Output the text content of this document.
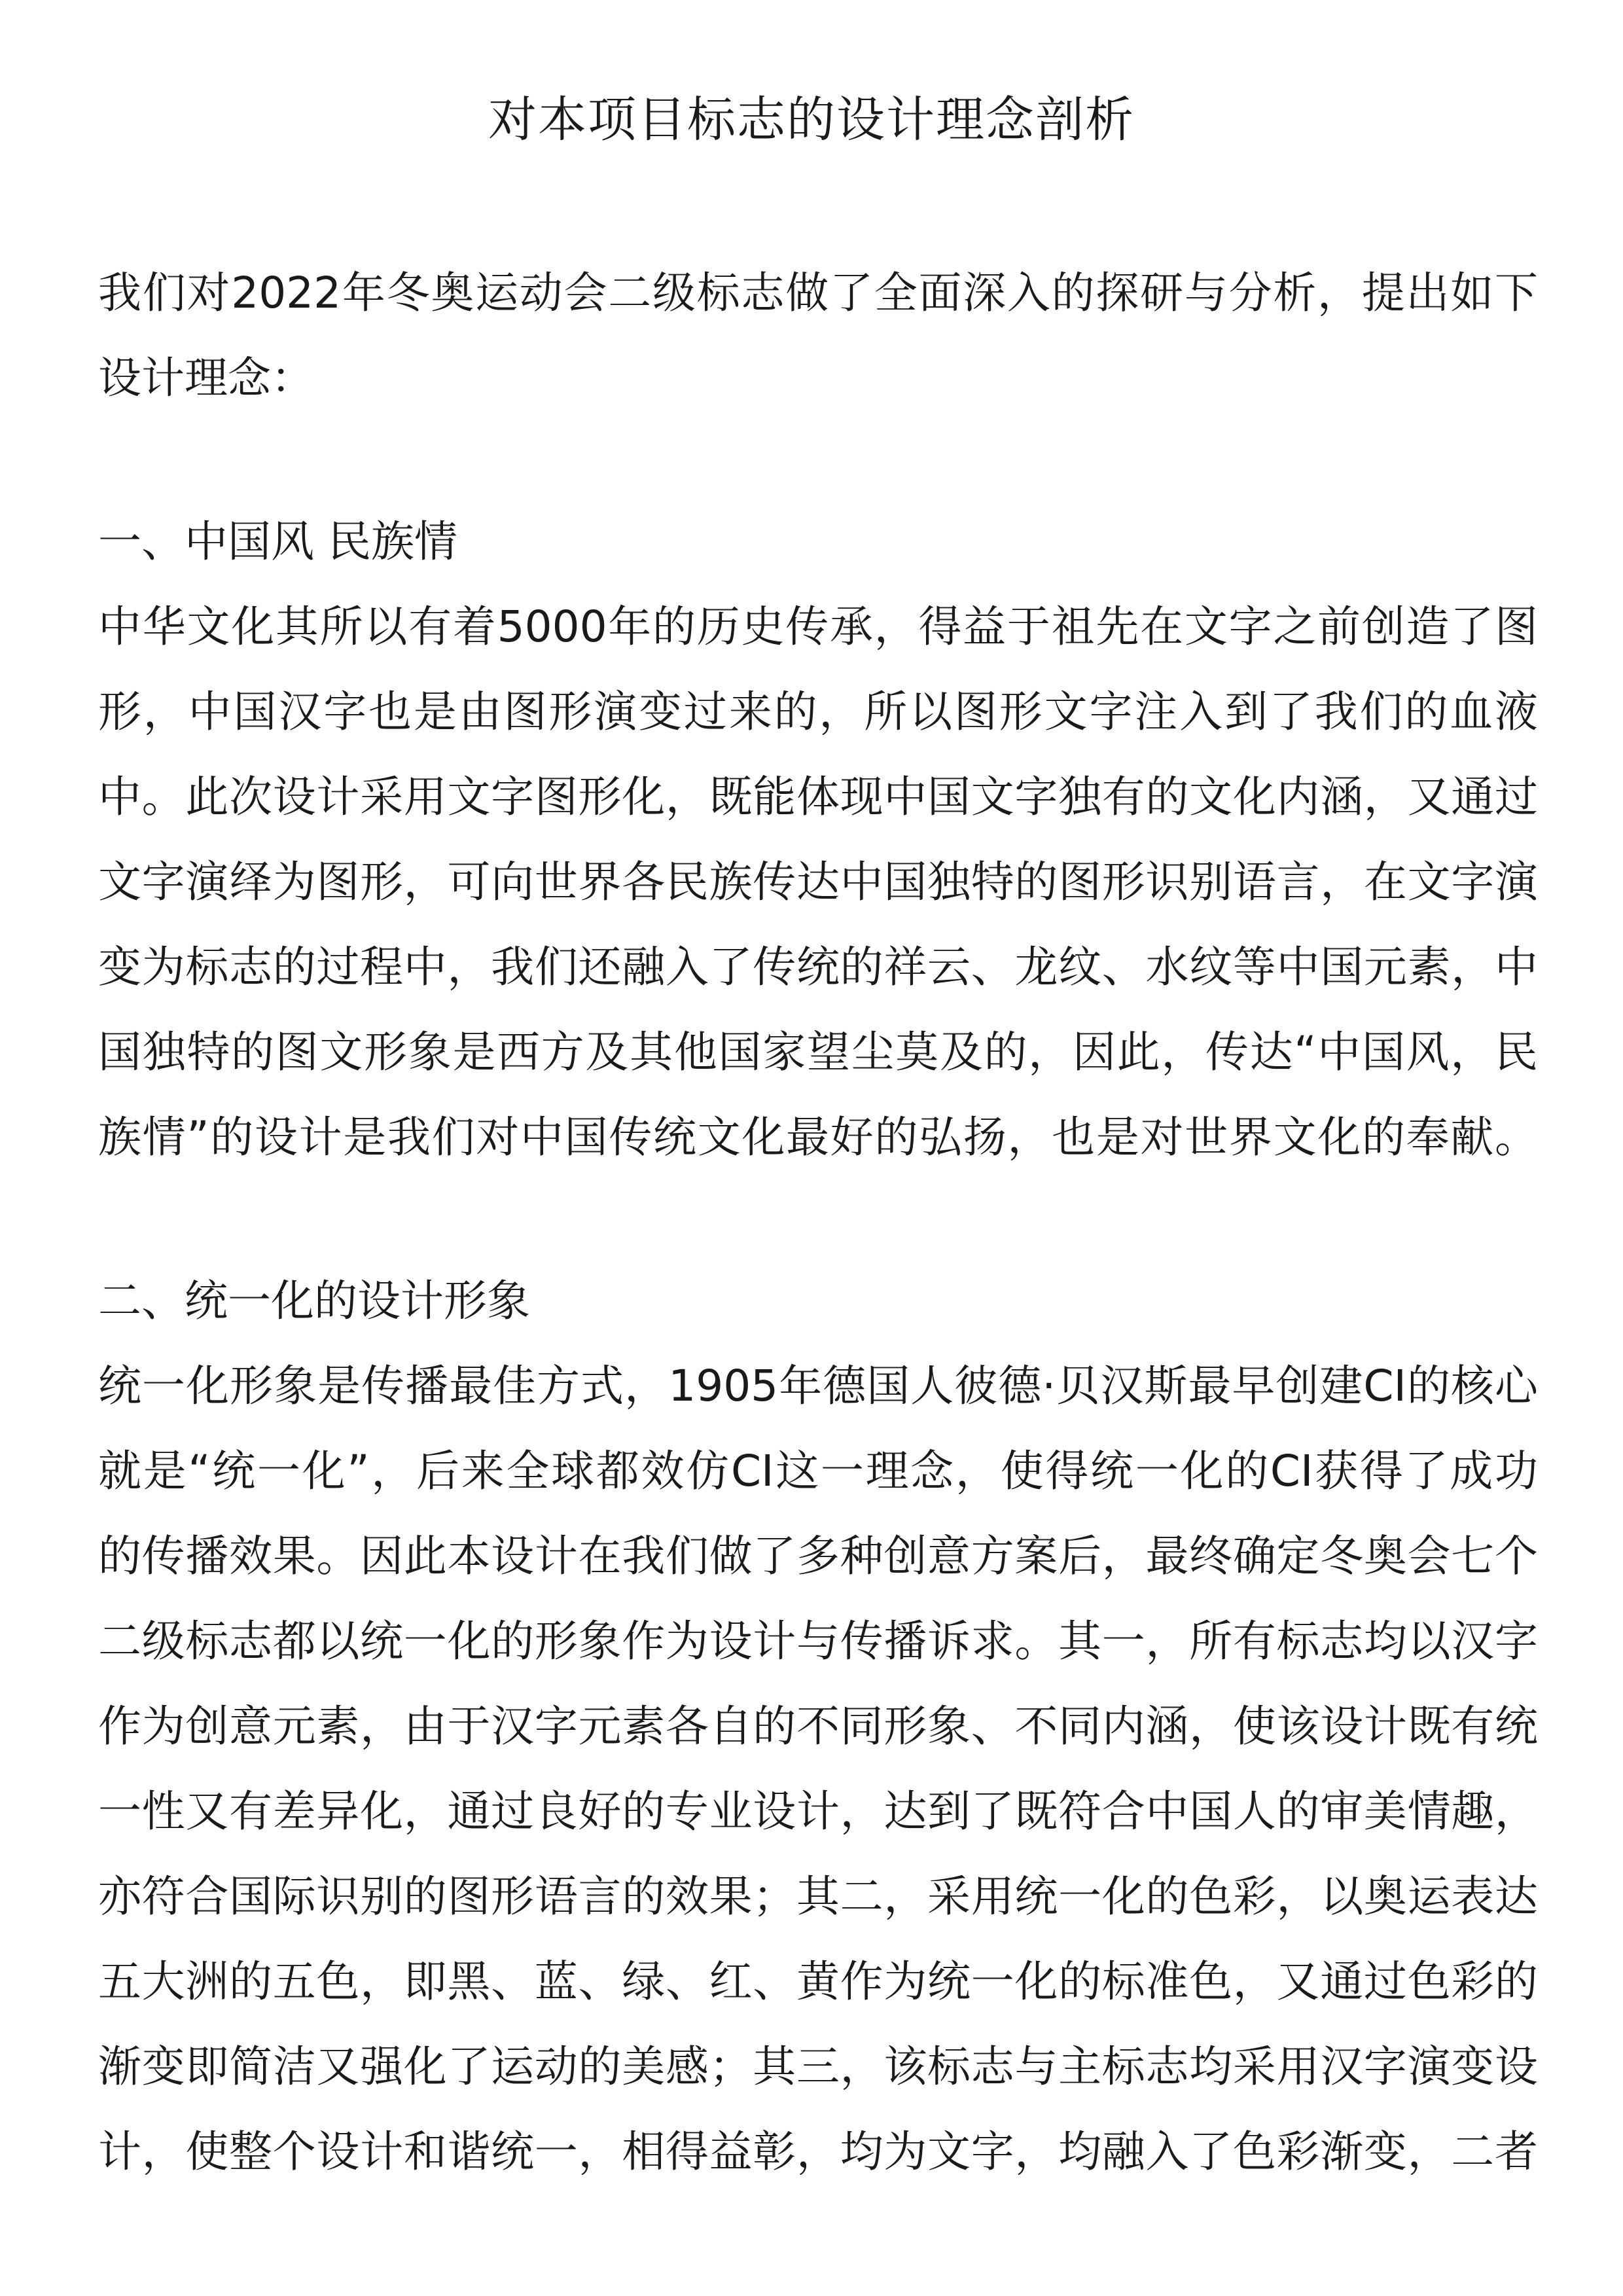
对本项目标志的设计理念剖析

我们对2022年冬奥运动会二级标志做了全面深入的探研与分析，提出如下

设计理念：

一、中国风 民族情

中华文化其所以有着5000年的历史传承，得益于祖先在文字之前创造了图

形，中国汉字也是由图形演变过来的，所以图形文字注入到了我们的血液

中。此次设计采用文字图形化，既能体现中国文字独有的文化内涵，又通过

文字演绎为图形，可向世界各民族传达中国独特的图形识别语言，在文字演

变为标志的过程中，我们还融入了传统的祥云、龙纹、水纹等中国元素，中

国独特的图文形象是西方及其他国家望尘莫及的，因此，传达“中国风，民

族情”的设计是我们对中国传统文化最好的弘扬，也是对世界文化的奉献。

二、统一化的设计形象

统一化形象是传播最佳方式，1905年德国人彼德·贝汉斯最早创建CI的核心

就是“统一化”，后来全球都效仿CI这一理念，使得统一化的CI获得了成功

的传播效果。因此本设计在我们做了多种创意方案后，最终确定冬奥会七个

二级标志都以统一化的形象作为设计与传播诉求。其一，所有标志均以汉字

作为创意元素，由于汉字元素各自的不同形象、不同内涵，使该设计既有统

一性又有差异化，通过良好的专业设计，达到了既符合中国人的审美情趣，

亦符合国际识别的图形语言的效果；其二，采用统一化的色彩，以奥运表达

五大洲的五色，即黑、蓝、绿、红、黄作为统一化的标准色，又通过色彩的

渐变即简洁又强化了运动的美感；其三，该标志与主标志均采用汉字演变设

计，使整个设计和谐统一，相得益彰，均为文字，均融入了色彩渐变，二者
